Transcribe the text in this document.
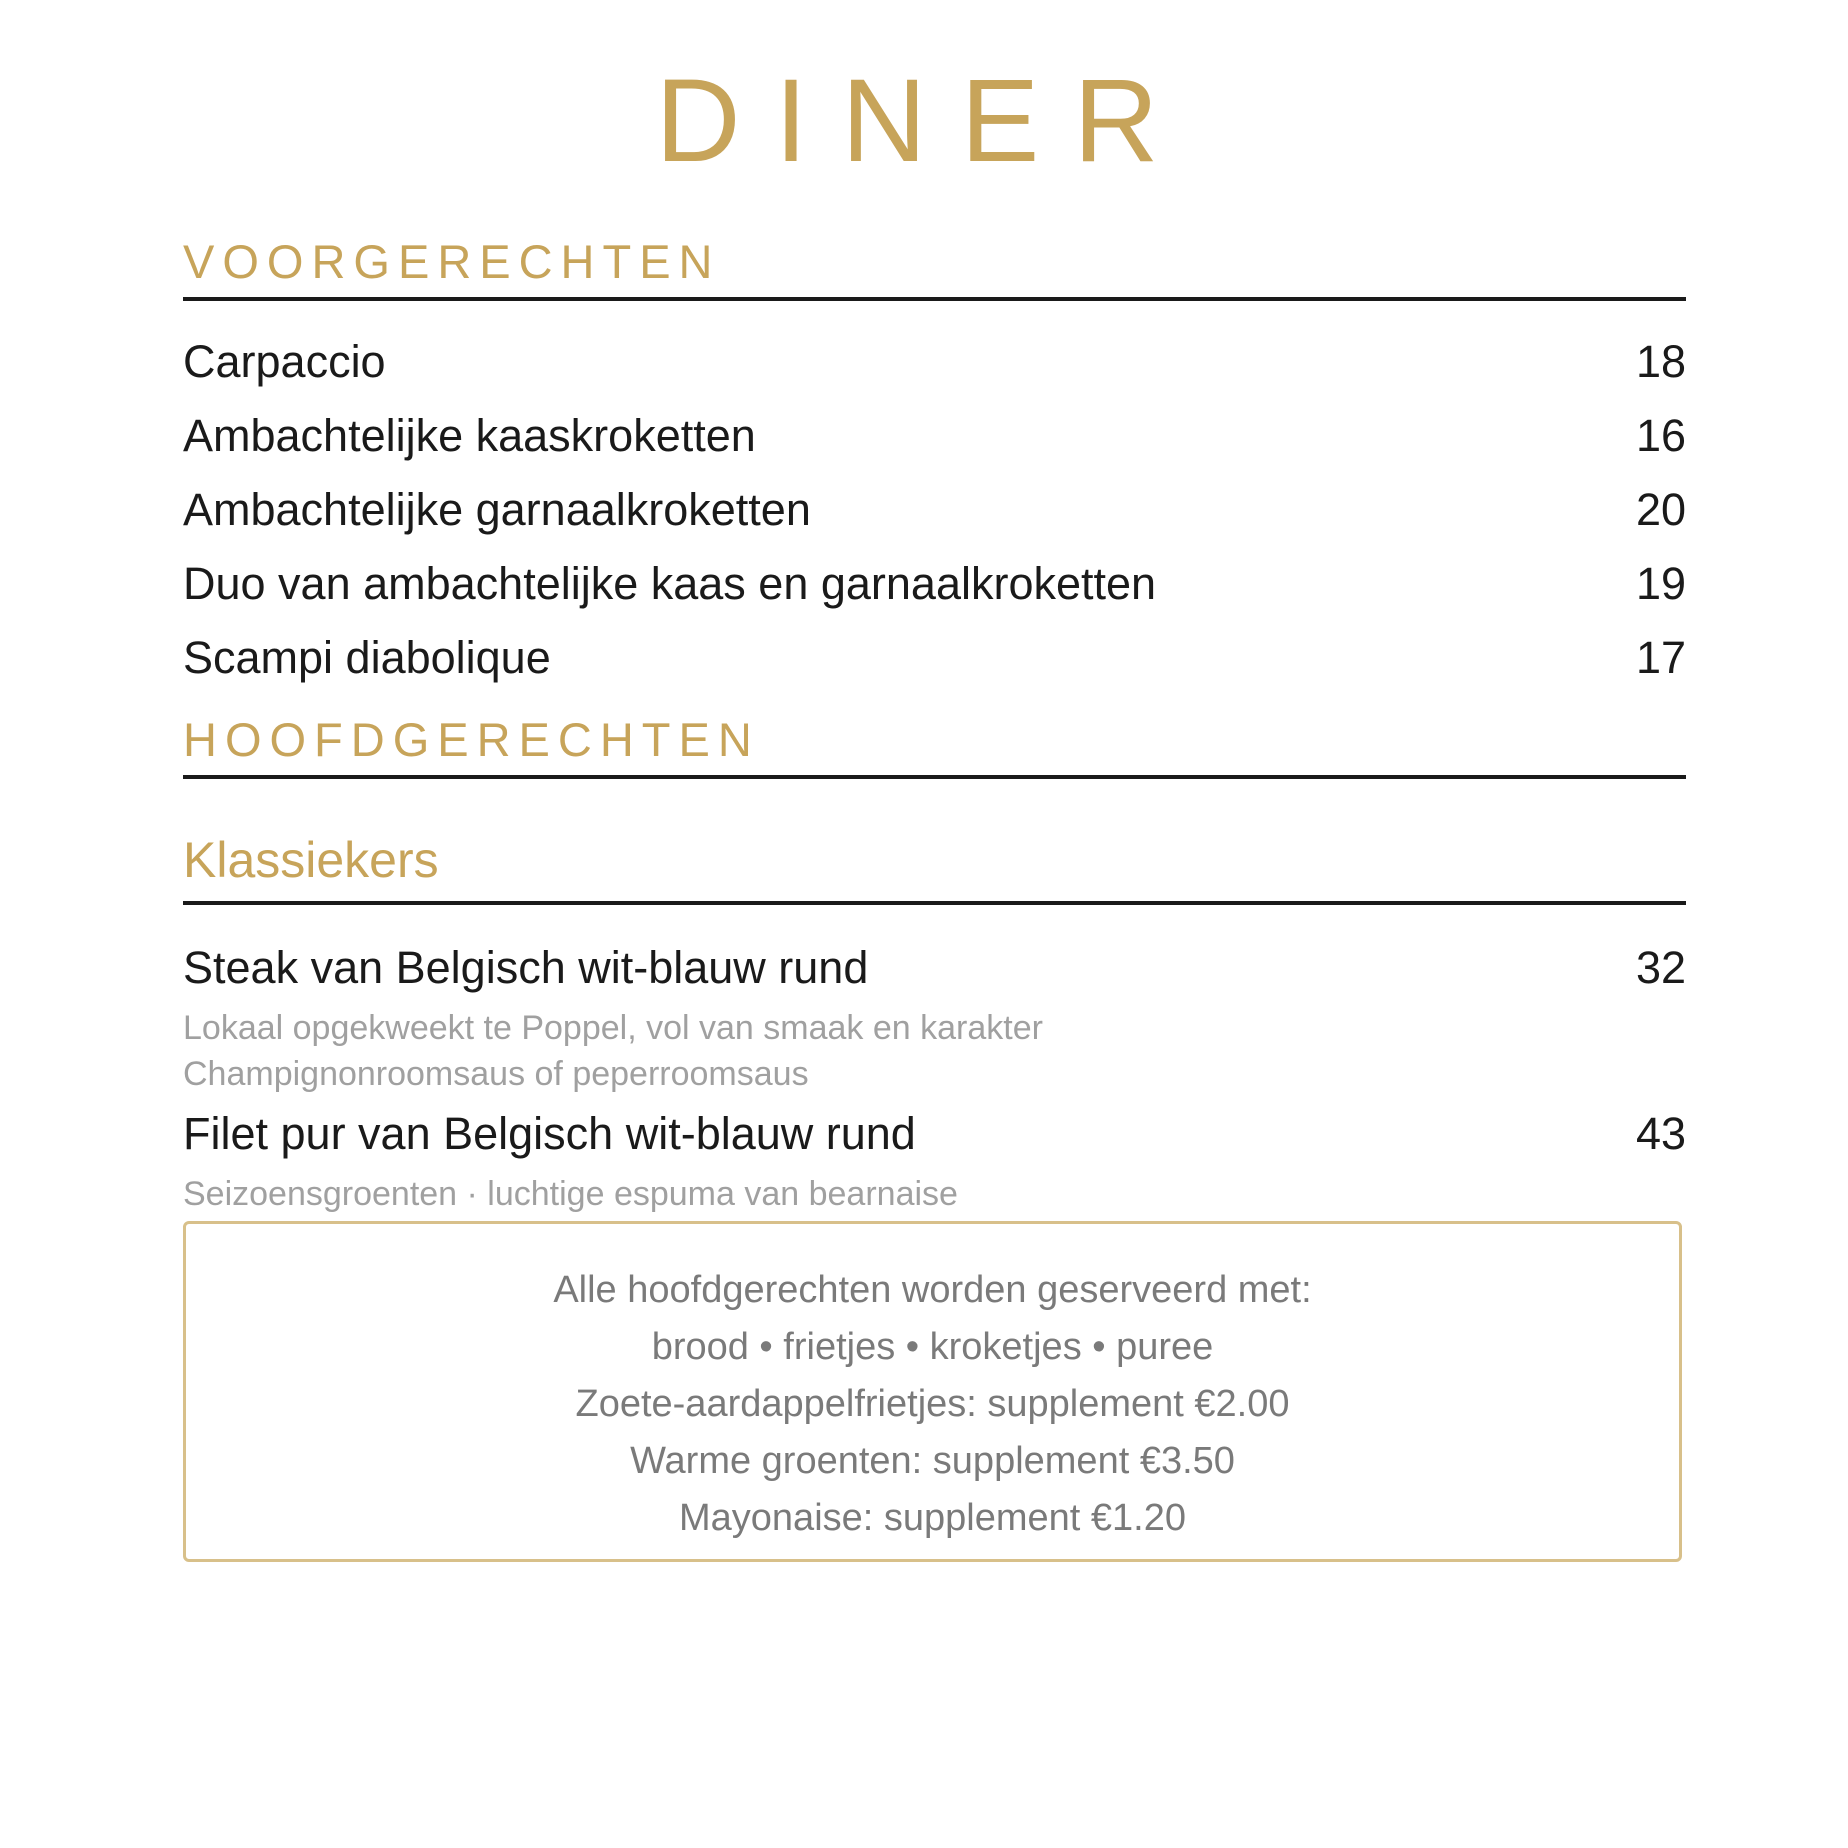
DINER
VOORGERECHTEN
Carpaccio	18
Ambachtelijke kaaskroketten	16
Ambachtelijke garnaalkroketten	20
Duo van ambachtelijke kaas en garnaalkroketten	19
Scampi diabolique	17
HOOFDGERECHTEN
Klassiekers
Steak van Belgisch wit-blauw rund	32
Lokaal opgekweekt te Poppel, vol van smaak en karakter
Champignonroomsaus of peperroomsaus
Filet pur van Belgisch wit-blauw rund	43
Seizoensgroenten · luchtige espuma van bearnaise
Alle hoofdgerechten worden geserveerd met:
brood • frietjes • kroketjes • puree
Zoete-aardappelfrietjes: supplement €2.00
Warme groenten: supplement €3.50
Mayonaise: supplement €1.20
